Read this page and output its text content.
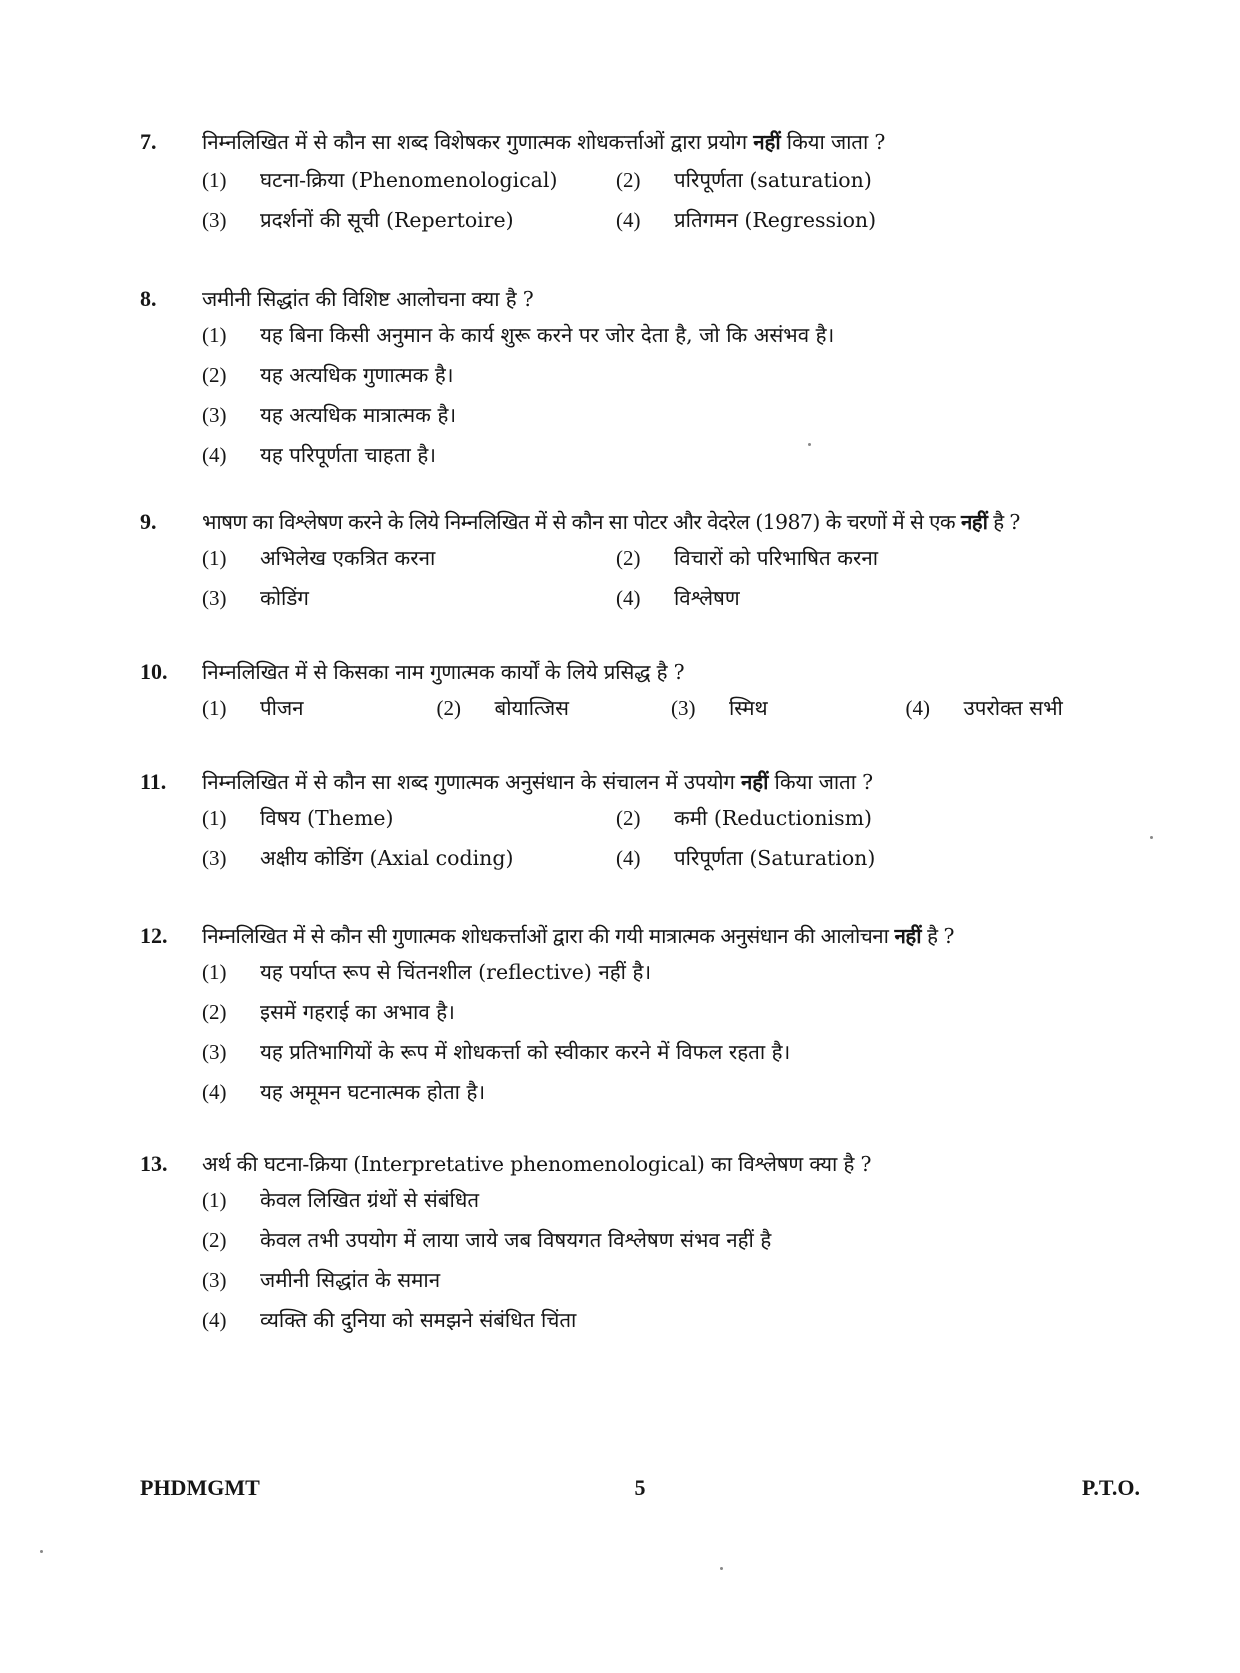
7.	निम्नलिखित में से कौन सा शब्द विशेषकर गुणात्मक शोधकर्त्ताओं द्वारा प्रयोग नहीं किया जाता ?
(1)	घटना-क्रिया (Phenomenological)	(2)	परिपूर्णता (saturation)
(3)	प्रदर्शनों की सूची (Repertoire)	(4)	प्रतिगमन (Regression)
8.	जमीनी सिद्धांत की विशिष्ट आलोचना क्या है ?
(1)	यह बिना किसी अनुमान के कार्य शुरू करने पर जोर देता है, जो कि असंभव है।
(2)	यह अत्यधिक गुणात्मक है।
(3)	यह अत्यधिक मात्रात्मक है।
(4)	यह परिपूर्णता चाहता है।
9.	भाषण का विश्लेषण करने के लिये निम्नलिखित में से कौन सा पोटर और वेदरेल (1987) के चरणों में से एक नहीं है ?
(1)	अभिलेख एकत्रित करना	(2)	विचारों को परिभाषित करना
(3)	कोडिंग	(4)	विश्लेषण
10.	निम्नलिखित में से किसका नाम गुणात्मक कार्यों के लिये प्रसिद्ध है ?
(1)	पीजन	(2)	बोयात्जिस	(3)	स्मिथ	(4)	उपरोक्त सभी
11.	निम्नलिखित में से कौन सा शब्द गुणात्मक अनुसंधान के संचालन में उपयोग नहीं किया जाता ?
(1)	विषय (Theme)	(2)	कमी (Reductionism)
(3)	अक्षीय कोडिंग (Axial coding)	(4)	परिपूर्णता (Saturation)
12.	निम्नलिखित में से कौन सी गुणात्मक शोधकर्त्ताओं द्वारा की गयी मात्रात्मक अनुसंधान की आलोचना नहीं है ?
(1)	यह पर्याप्त रूप से चिंतनशील (reflective) नहीं है।
(2)	इसमें गहराई का अभाव है।
(3)	यह प्रतिभागियों के रूप में शोधकर्त्ता को स्वीकार करने में विफल रहता है।
(4)	यह अमूमन घटनात्मक होता है।
13.	अर्थ की घटना-क्रिया (Interpretative phenomenological) का विश्लेषण क्या है ?
(1)	केवल लिखित ग्रंथों से संबंधित
(2)	केवल तभी उपयोग में लाया जाये जब विषयगत विश्लेषण संभव नहीं है
(3)	जमीनी सिद्धांत के समान
(4)	व्यक्ति की दुनिया को समझने संबंधित चिंता
PHDMGMT	5	P.T.O.
